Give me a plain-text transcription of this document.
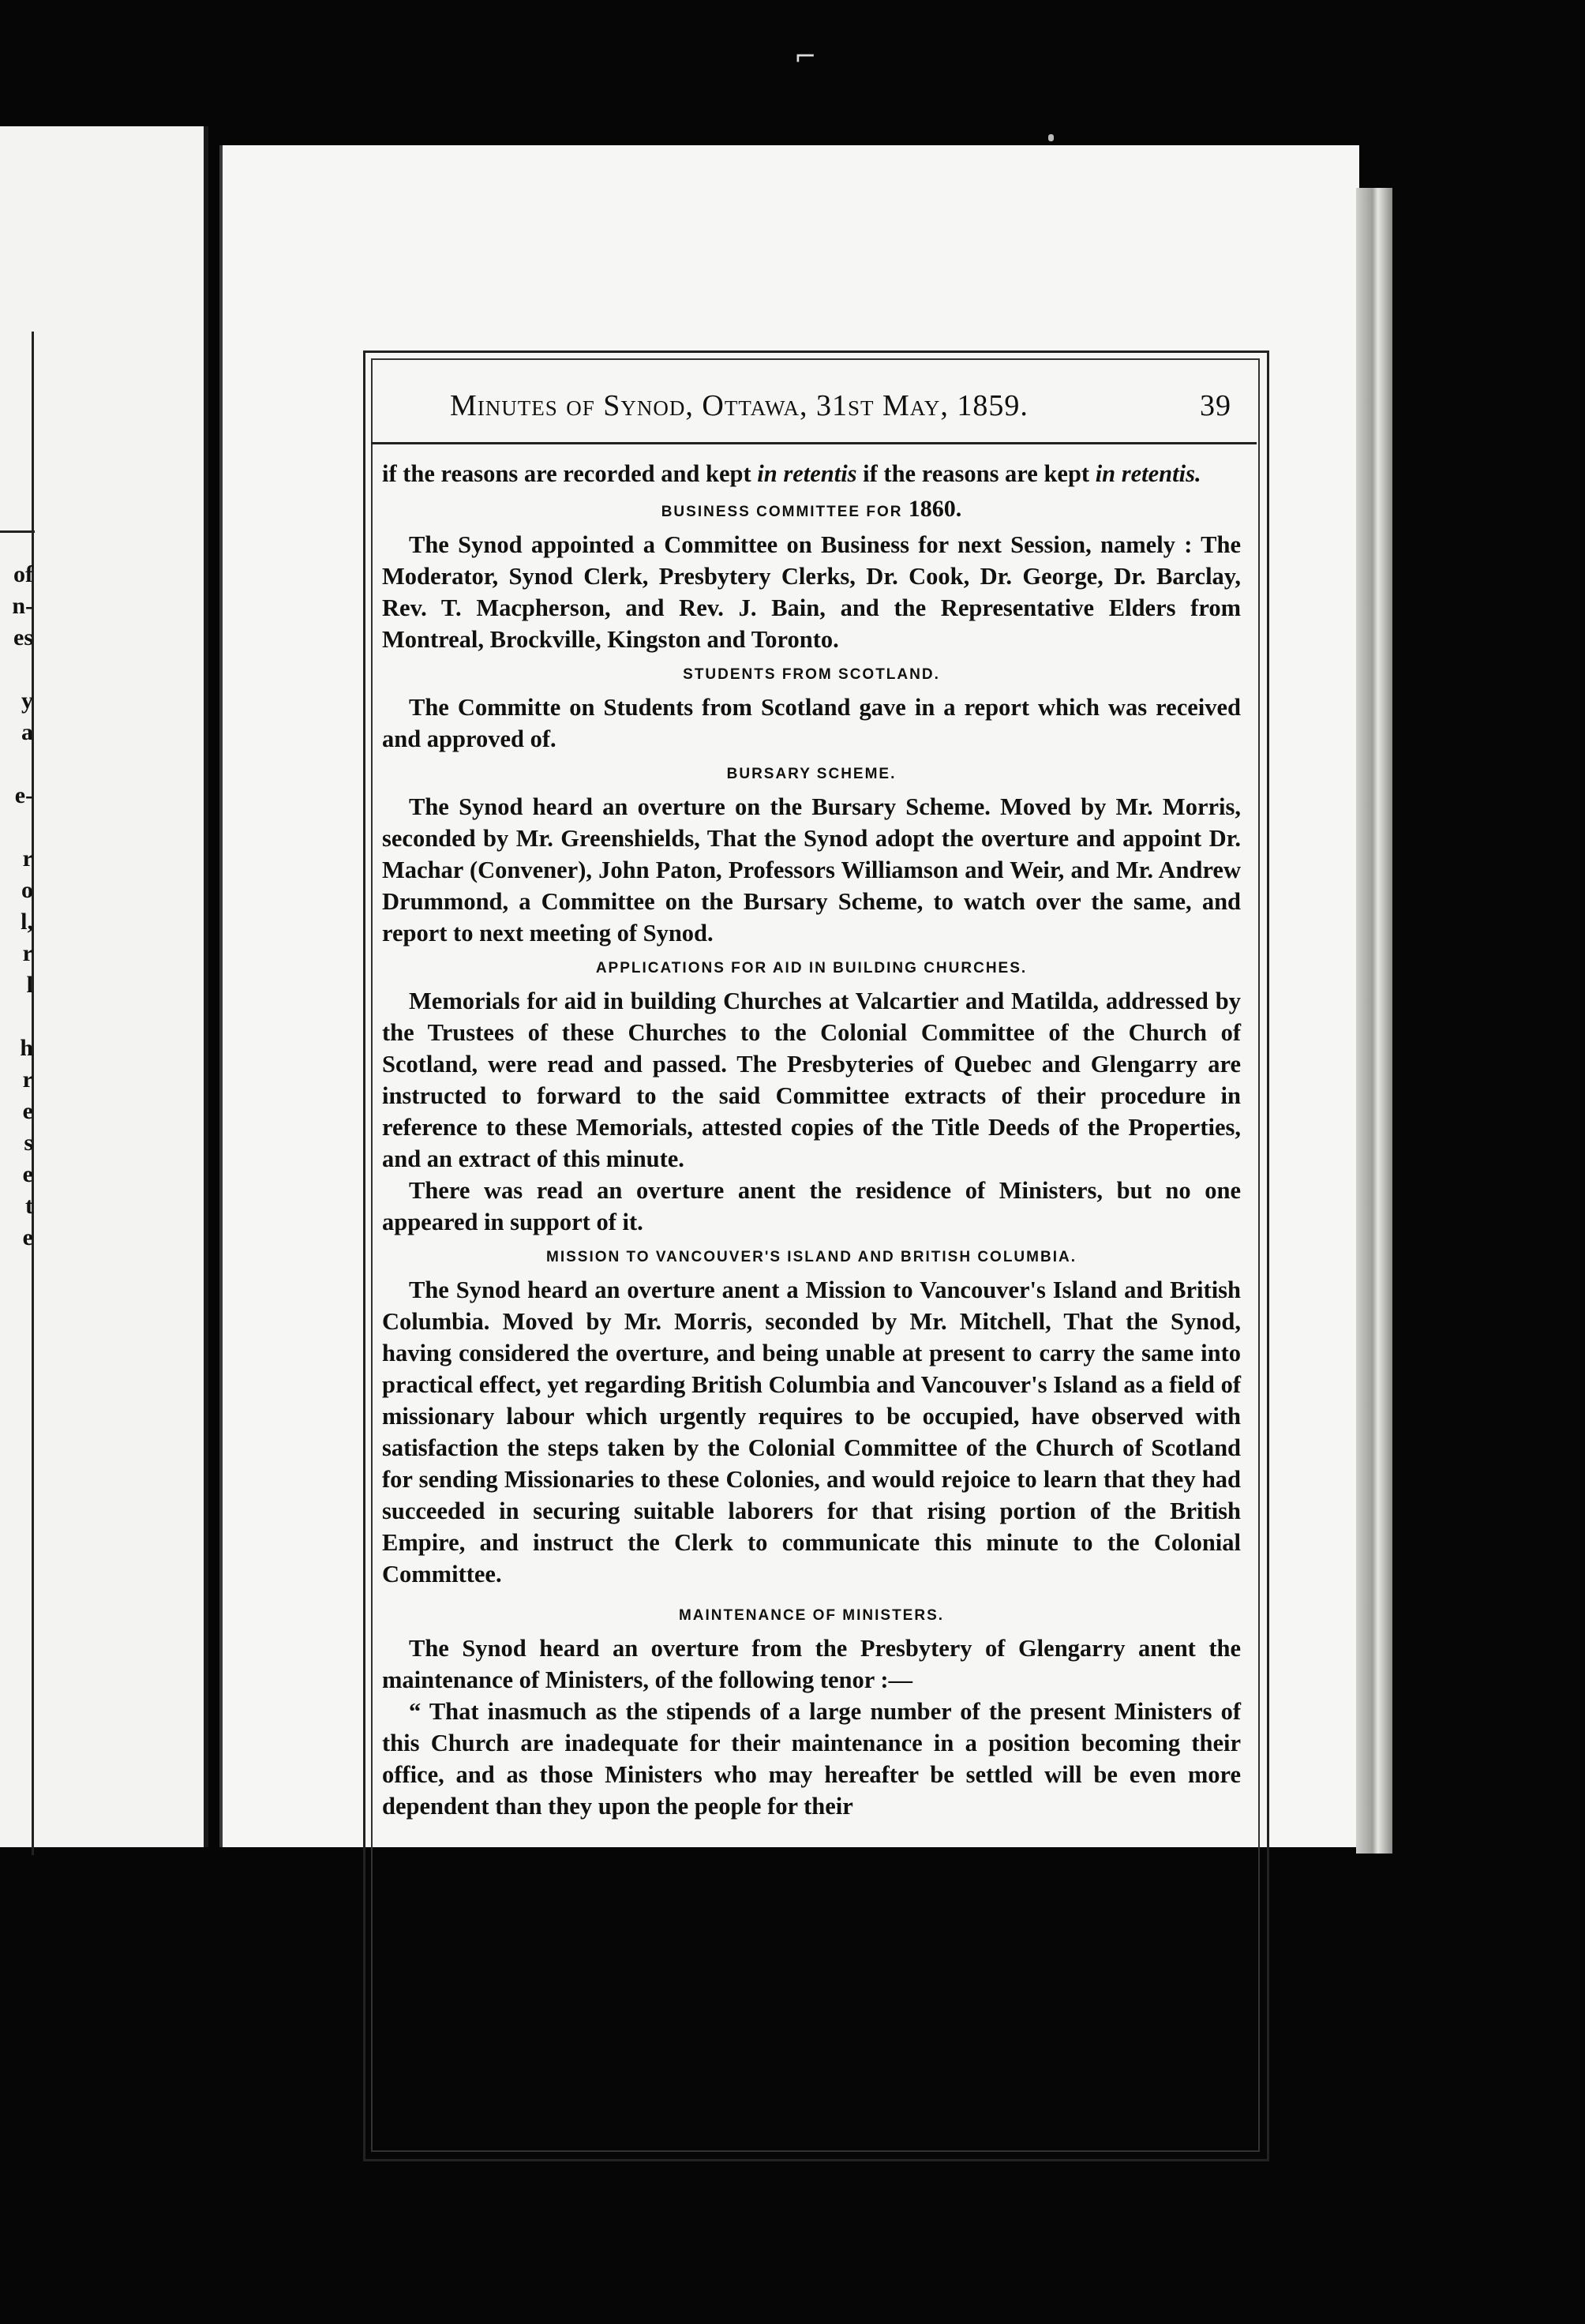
⌐
of
n-
es
y
a
e-
r
o
l,
r
l
h
r
e
s
e
t
e
Minutes of Synod, Ottawa, 31st May, 1859.	39

if the reasons are recorded and kept in retentis if the reasons are kept in retentis.

BUSINESS COMMITTEE FOR 1860.

The Synod appointed a Committee on Business for next Session, namely : The Moderator, Synod Clerk, Presbytery Clerks, Dr. Cook, Dr. George, Dr. Barclay, Rev. T. Macpherson, and Rev. J. Bain, and the Representative Elders from Montreal, Brockville, Kingston and Toronto.

STUDENTS FROM SCOTLAND.

The Committe on Students from Scotland gave in a report which was received and approved of.

BURSARY SCHEME.

The Synod heard an overture on the Bursary Scheme. Moved by Mr. Morris, seconded by Mr. Greenshields, That the Synod adopt the overture and appoint Dr. Machar (Convener), John Paton, Professors Williamson and Weir, and Mr. Andrew Drummond, a Committee on the Bursary Scheme, to watch over the same, and report to next meeting of Synod.

APPLICATIONS FOR AID IN BUILDING CHURCHES.

Memorials for aid in building Churches at Valcartier and Matilda, addressed by the Trustees of these Churches to the Colonial Committee of the Church of Scotland, were read and passed. The Presbyteries of Quebec and Glengarry are instructed to forward to the said Committee extracts of their procedure in reference to these Memorials, attested copies of the Title Deeds of the Properties, and an extract of this minute.

There was read an overture anent the residence of Ministers, but no one appeared in support of it.

MISSION TO VANCOUVER'S ISLAND AND BRITISH COLUMBIA.

The Synod heard an overture anent a Mission to Vancouver's Island and British Columbia. Moved by Mr. Morris, seconded by Mr. Mitchell, That the Synod, having considered the overture, and being unable at present to carry the same into practical effect, yet regarding British Columbia and Vancouver's Island as a field of missionary labour which urgently requires to be occupied, have observed with satisfaction the steps taken by the Colonial Committee of the Church of Scotland for sending Missionaries to these Colonies, and would rejoice to learn that they had succeeded in securing suitable laborers for that rising portion of the British Empire, and instruct the Clerk to communicate this minute to the Colonial Committee.

MAINTENANCE OF MINISTERS.

The Synod heard an overture from the Presbytery of Glengarry anent the maintenance of Ministers, of the following tenor :—

“ That inasmuch as the stipends of a large number of the present Ministers of this Church are inadequate for their maintenance in a position becoming their office, and as those Ministers who may hereafter be settled will be even more dependent than they upon the people for their
